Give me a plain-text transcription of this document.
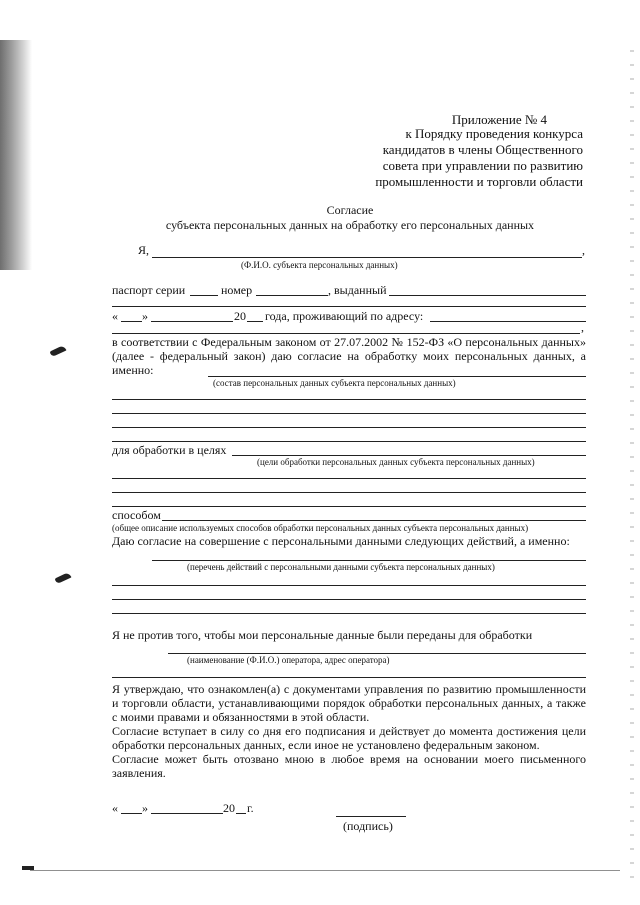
Приложение № 4
к Порядку проведения конкурса
кандидатов в члены Общественного
совета при управлении по развитию
промышленности и торговли области
Согласие
субъекта персональных данных на обработку его персональных данных
Я,	,
(Ф.И.О. субъекта персональных данных)
паспорт серии	номер	, выданный
« »	20 года, проживающий по адресу:
,
в соответствии с Федеральным законом от 27.07.2002 № 152-ФЗ «О персональных данных» (далее - федеральный закон) даю согласие на обработку моих персональных данных, а именно:
(состав персональных данных субъекта персональных данных)
для обработки в целях
(цели обработки персональных данных субъекта персональных данных)
способом
(общее описание используемых способов обработки персональных данных субъекта персональных данных)
Даю согласие на совершение с персональными данными следующих действий, а именно:
(перечень действий с персональными данными субъекта персональных данных)
Я не против того, чтобы мои персональные данные были переданы для обработки
(наименование (Ф.И.О.) оператора, адрес оператора)
Я утверждаю, что ознакомлен(а) с документами управления по развитию промышленности и торговли области, устанавливающими порядок обработки персональных данных, а также с моими правами и обязанностями в этой области.
Согласие вступает в силу со дня его подписания и действует до момента достижения цели обработки персональных данных, если иное не установлено федеральным законом.
Согласие может быть отозвано мною в любое время на основании моего письменного заявления.
« »	20 г.
(подпись)
